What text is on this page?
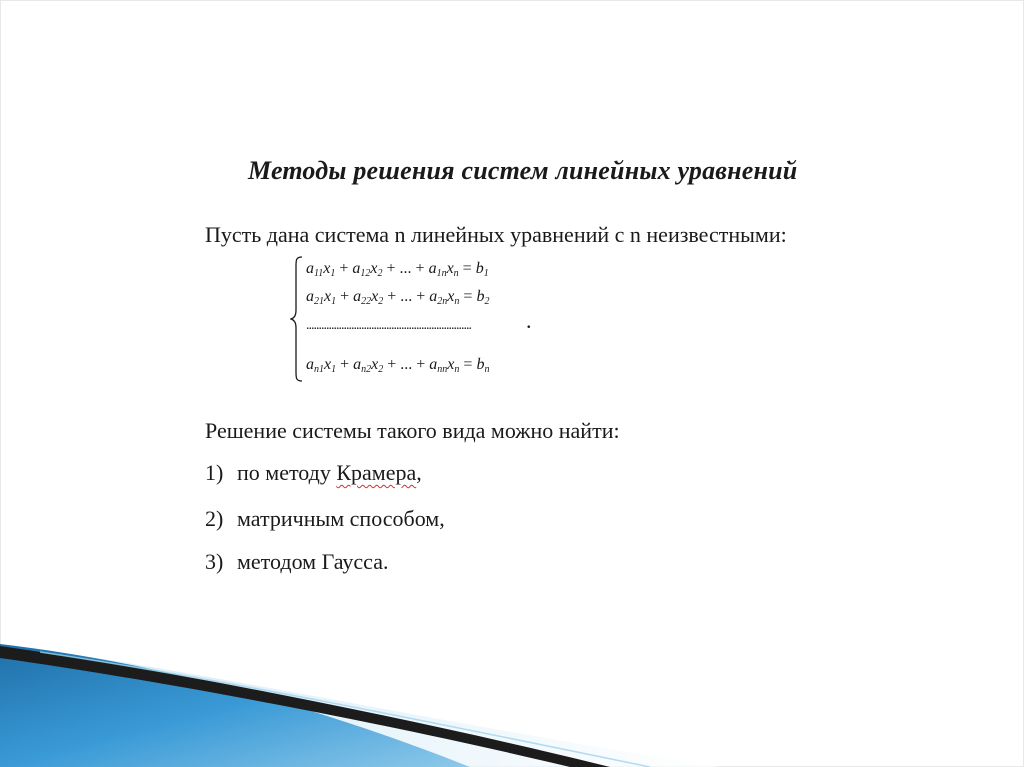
Методы решения систем линейных уравнений
Пусть дана система n линейных уравнений с n неизвестными:
$a_{11}x_1 + a_{12}x_2$ + ... + $a_{1n}x_n = b_1$
$a_{21}x_1 + a_{22}x_2$ + ... + $a_{2n}x_n = b_2$
..................................................................
$a_{n1}x_1 + a_{n2}x_2$ + ... + $a_{nn}x_n = b_n$
.
Решение системы такого вида можно найти:
1) по методу Крамера,
2) матричным способом,
3) методом Гаусса.
